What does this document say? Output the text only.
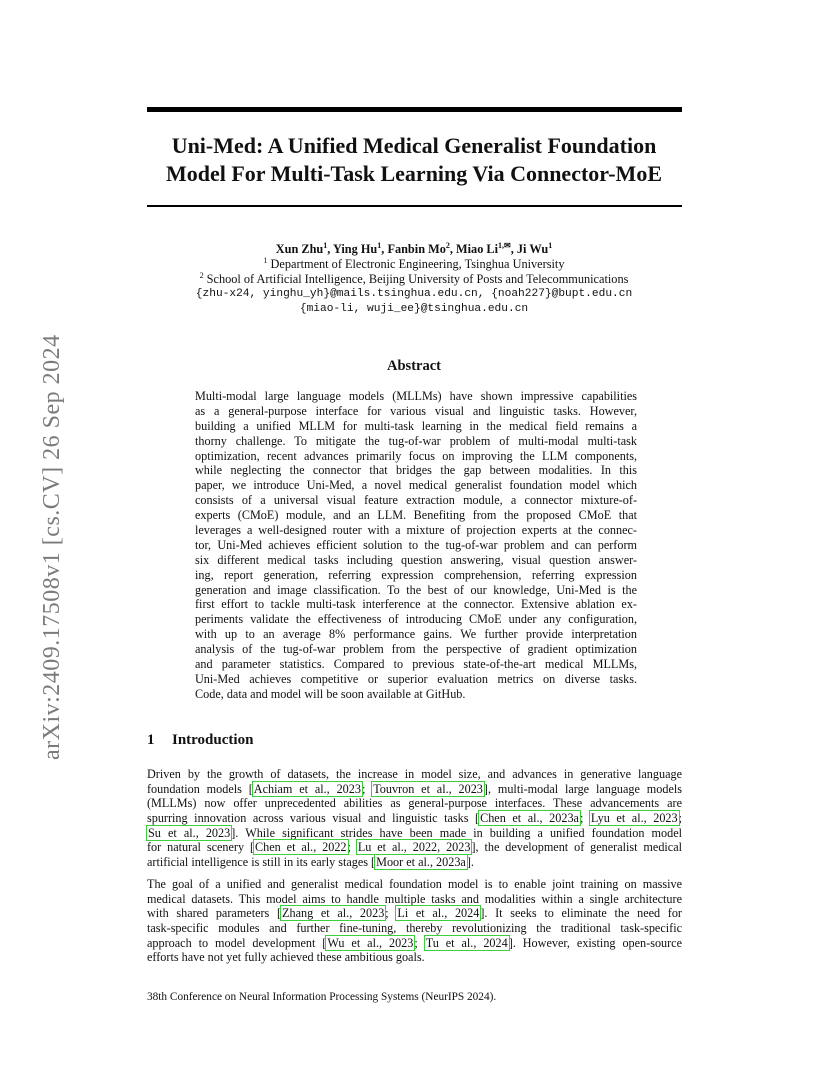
Uni-Med: A Unified Medical Generalist Foundation
Model For Multi-Task Learning Via Connector-MoE
arXiv:2409.17508v1 [cs.CV] 26 Sep 2024
Xun Zhu$^1$, Ying Hu$^1$, Fanbin Mo$^2$, Miao $Li^{1,✉}$, Ji Wu$^1$
$^1$ Department of Electronic Engineering, Tsinghua University
$^2$ School of Artificial Intelligence, Beijing University of Posts and Telecommunications
{zhu-x24, yinghu_yh}@mails.tsinghua.edu.cn, {noah227}@bupt.edu.cn
{miao-li, wuji_ee}@tsinghua.edu.cn
Abstract
Multi-modal large language models (MLLMs) have shown impressive capabilities
as a general-purpose interface for various visual and linguistic tasks. However,
building a unified MLLM for multi-task learning in the medical field remains a
thorny challenge. To mitigate the tug-of-war problem of multi-modal multi-task
optimization, recent advances primarily focus on improving the LLM components,
while neglecting the connector that bridges the gap between modalities. In this
paper, we introduce Uni-Med, a novel medical generalist foundation model which
consists of a universal visual feature extraction module, a connector mixture-of-
experts (CMoE) module, and an LLM. Benefiting from the proposed CMoE that
leverages a well-designed router with a mixture of projection experts at the connec-
tor, Uni-Med achieves efficient solution to the tug-of-war problem and can perform
six different medical tasks including question answering, visual question answer-
ing, report generation, referring expression comprehension, referring expression
generation and image classification. To the best of our knowledge, Uni-Med is the
first effort to tackle multi-task interference at the connector. Extensive ablation ex-
periments validate the effectiveness of introducing CMoE under any configuration,
with up to an average 8% performance gains. We further provide interpretation
analysis of the tug-of-war problem from the perspective of gradient optimization
and parameter statistics. Compared to previous state-of-the-art medical MLLMs,
Uni-Med achieves competitive or superior evaluation metrics on diverse tasks.
Code, data and model will be soon available at GitHub.
1 Introduction
Driven by the growth of datasets, the increase in model size, and advances in generative language
foundation models [Achiam et al., 2023; Touvron et al., 2023], multi-modal large language models
(MLLMs) now offer unprecedented abilities as general-purpose interfaces. These advancements are
spurring innovation across various visual and linguistic tasks [Chen et al., 2023a; Lyu et al., 2023;
Su et al., 2023]. While significant strides have been made in building a unified foundation model
for natural scenery [Chen et al., 2022; Lu et al., 2022, 2023], the development of generalist medical
artificial intelligence is still in its early stages [Moor et al., 2023a].
The goal of a unified and generalist medical foundation model is to enable joint training on massive
medical datasets. This model aims to handle multiple tasks and modalities within a single architecture
with shared parameters [Zhang et al., 2023; Li et al., 2024]. It seeks to eliminate the need for
task-specific modules and further fine-tuning, thereby revolutionizing the traditional task-specific
approach to model development [Wu et al., 2023; Tu et al., 2024]. However, existing open-source
efforts have not yet fully achieved these ambitious goals.
38th Conference on Neural Information Processing Systems (NeurIPS 2024).
